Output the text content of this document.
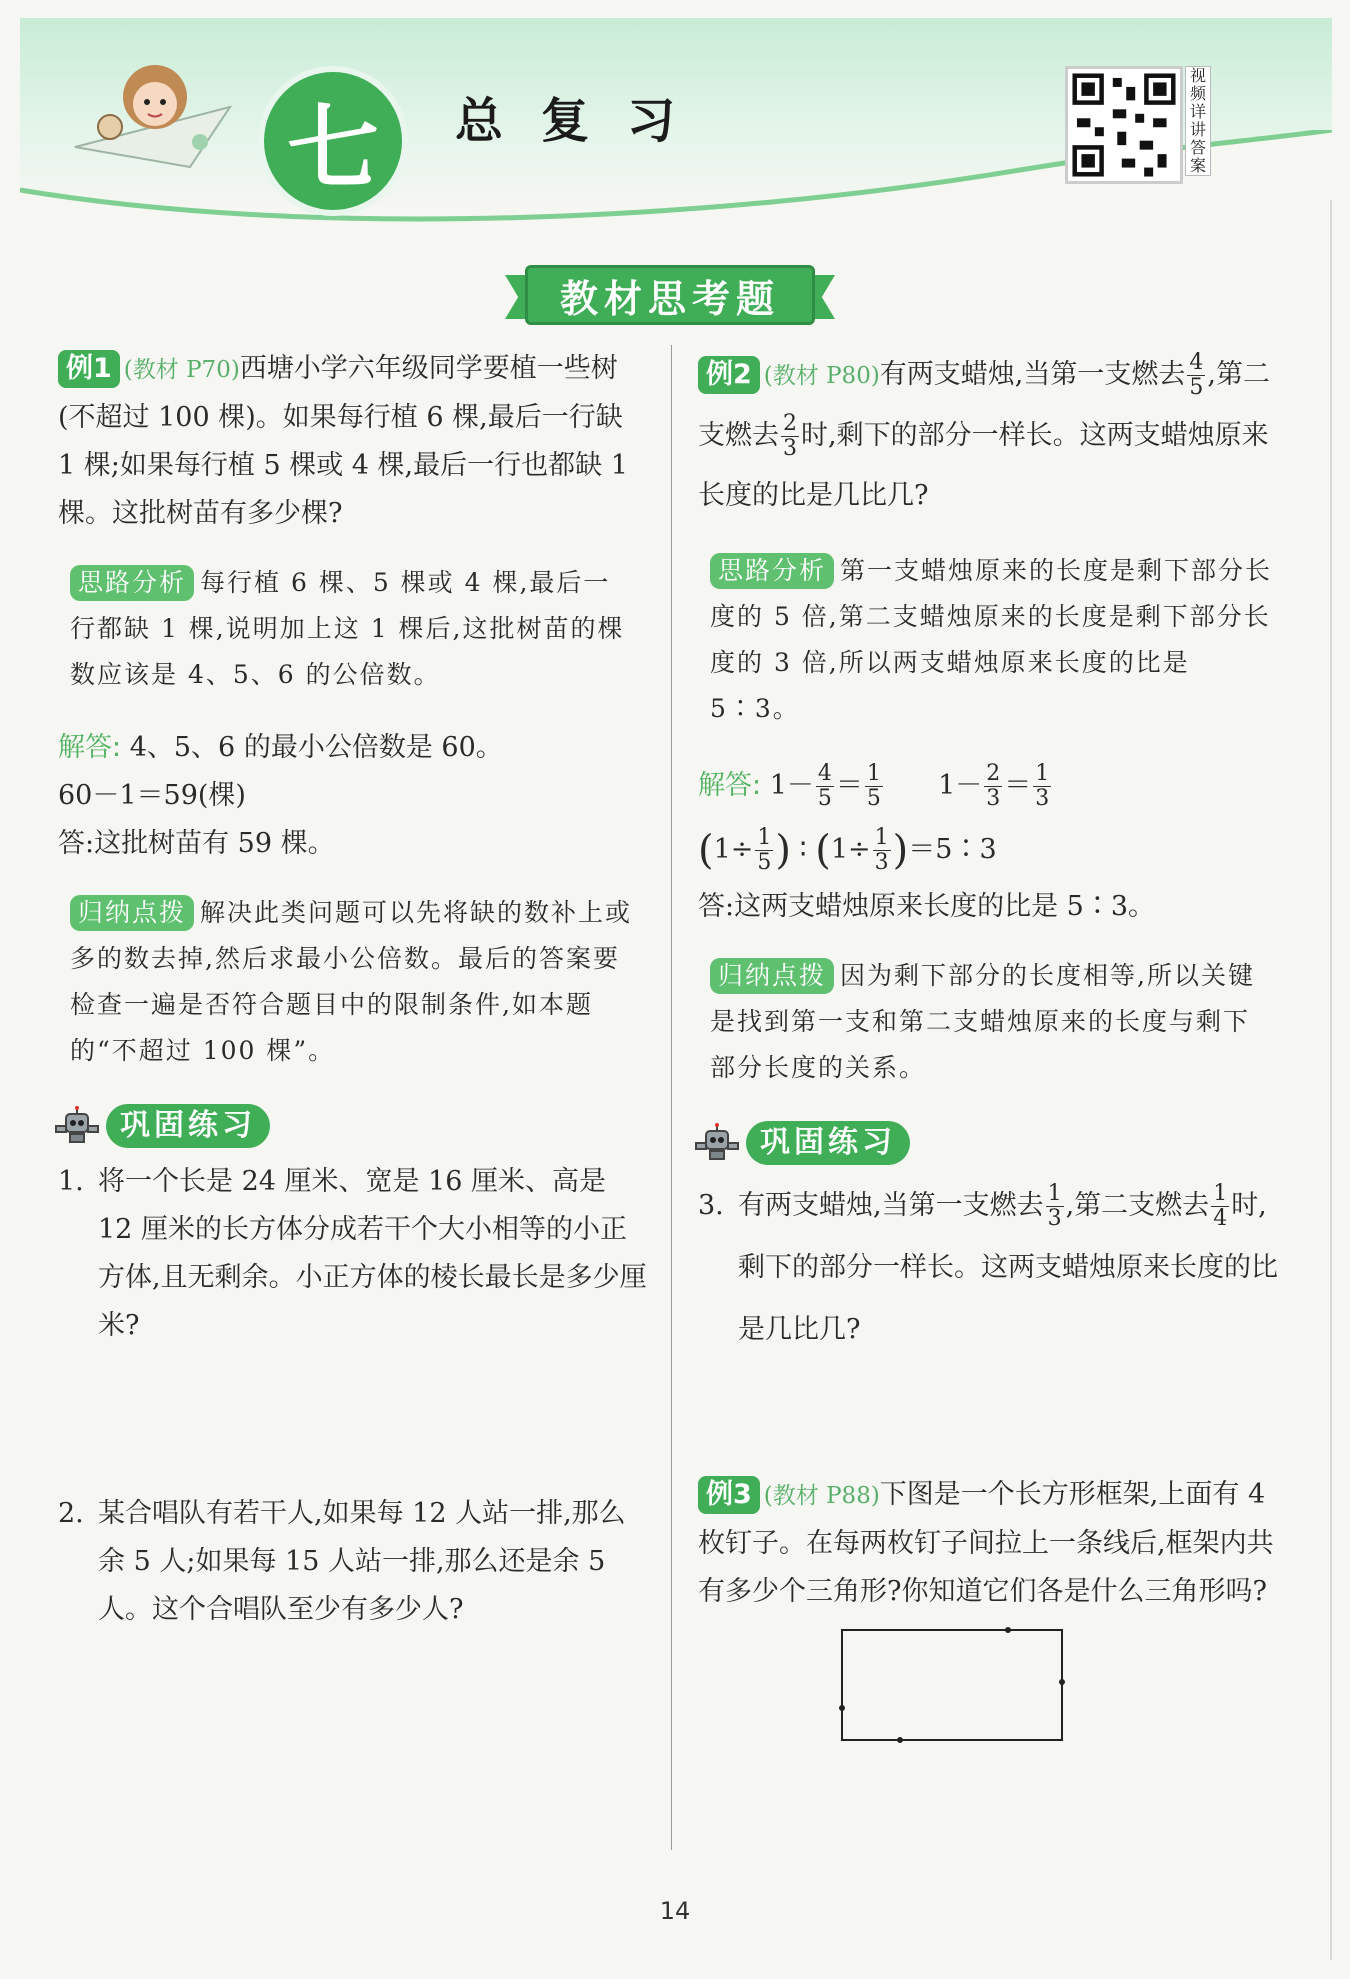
七	总复习
视频详讲答案
教材思考题

例1 (教材 P70)西塘小学六年级同学要植一些树(不超过 100 棵)。如果每行植 6 棵,最后一行缺 1 棵;如果每行植 5 棵或 4 棵,最后一行也都缺 1 棵。这批树苗有多少棵?

思路分析 每行植 6 棵、5 棵或 4 棵,最后一行都缺 1 棵,说明加上这 1 棵后,这批树苗的棵数应该是 4、5、6 的公倍数。
解答: 4、5、6 的最小公倍数是 60。
60－1＝59(棵)
答:这批树苗有 59 棵。
归纳点拨 解决此类问题可以先将缺的数补上或多的数去掉,然后求最小公倍数。最后的答案要检查一遍是否符合题目中的限制条件,如本题的“不超过 100 棵”。
巩固练习
1. 将一个长是 24 厘米、宽是 16 厘米、高是 12 厘米的长方体分成若干个大小相等的小正方体,且无剩余。小正方体的棱长最长是多少厘米?
2. 某合唱队有若干人,如果每 12 人站一排,那么余 5 人;如果每 15 人站一排,那么还是余 5 人。这个合唱队至少有多少人?

例2 (教材 P80)有两支蜡烛,当第一支燃去 $\frac{4}{5}$ ,第二支燃去 $\frac{2}{3}$ 时,剩下的部分一样长。这两支蜡烛原来长度的比是几比几?

思路分析 第一支蜡烛原来的长度是剩下部分长度的 5 倍,第二支蜡烛原来的长度是剩下部分长度的 3 倍,所以两支蜡烛原来长度的比是 5∶3。
解答: $1- \frac{4}{5} = \frac{1}{5} 1- \frac{2}{3} = \frac{1}{3}$
($1\div \frac{1}{5}$ ) ∶ ($1\div \frac{1}{3}$ )＝5∶3
答:这两支蜡烛原来长度的比是 5∶3。
归纳点拨 因为剩下部分的长度相等,所以关键是找到第一支和第二支蜡烛原来的长度与剩下部分长度的关系。
巩固练习
3. 有两支蜡烛,当第一支燃去 $\frac{1}{3}$ ,第二支燃去 $\frac{1}{4}$ 时,剩下的部分一样长。这两支蜡烛原来长度的比是几比几?

例3 (教材 P88)下图是一个长方形框架,上面有 4 枚钉子。在每两枚钉子间拉上一条线后,框架内共有多少个三角形?你知道它们各是什么三角形吗?

14
